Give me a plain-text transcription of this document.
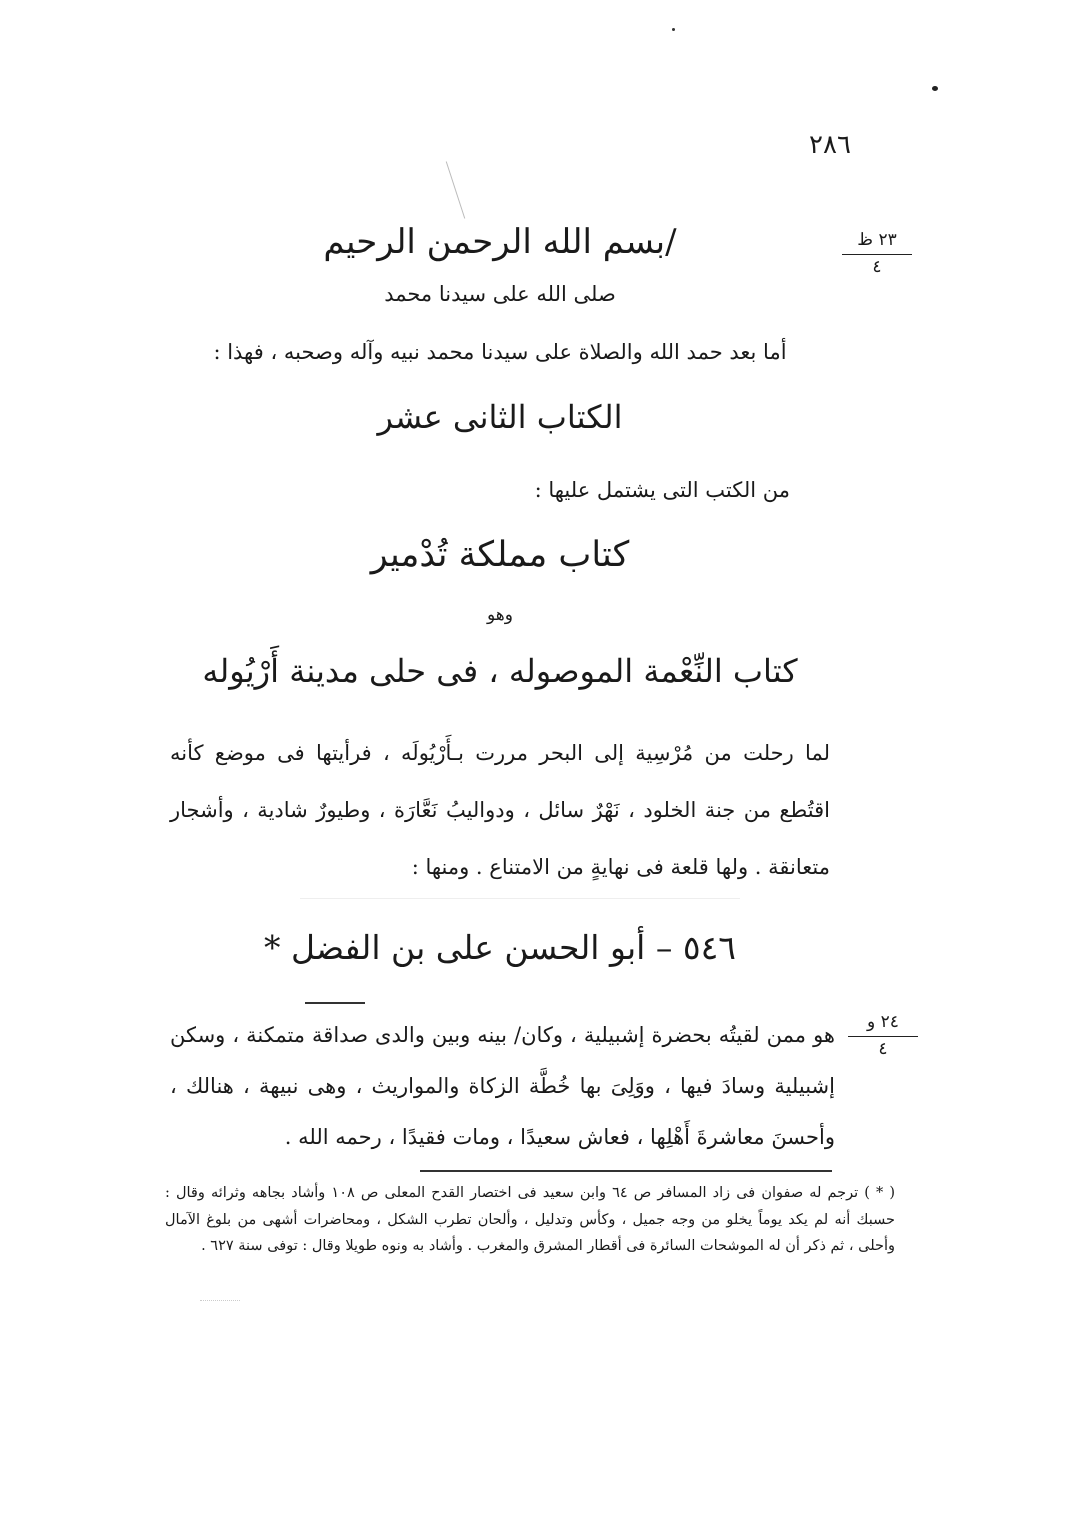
٢٨٦
٢٣ ظ
٤
/بسم الله الرحمن الرحيم
صلى الله على سيدنا محمد
أما بعد حمد الله والصلاة على سيدنا محمد نبيه وآله وصحبه ، فهذا :
الكتاب الثانى عشر
من الكتب التى يشتمل عليها :
كتاب مملكة تُدْمير
وهو
كتاب النِّعْمة الموصوله ، فى حلى مدينة أَرْيُوله
لما رحلت من مُرْسِية إلى البحر مررت بـأَرْيُولَه ، فرأيتها فى موضع كأنه اقتُطع من جنة الخلود ، نَهْرٌ سائل ، ودواليبُ نَعَّارَة ، وطيورٌ شادية ، وأشجار متعانقة . ولها قلعة فى نهايةٍ من الامتناع . ومنها :
٥٤٦ – أبو الحسن على بن الفضل *
٢٤ و
٤
هو ممن لقيتُه بحضرة إشبيلية ، وكان/ بينه وبين والدى صداقة متمكنة ، وسكن إشبيلية وسادَ فيها ، ووَلِىَ بها خُطَّة الزكاة والمواريث ، وهى نبيهة ، هنالك ، وأحسنَ معاشرةَ أَهْلِها ، فعاش سعيدًا ، ومات فقيدًا ، رحمه الله .
( * ) ترجم له صفوان فى زاد المسافر ص ٦٤ وابن سعيد فى اختصار القدح المعلى ص ١٠٨ وأشاد بجاهه وثرائه وقال : حسبك أنه لم يكد يوماً يخلو من وجه جميل ، وكأس وتدليل ، وألحان تطرب الشكل ، ومحاضرات أشهى من بلوغ الآمال وأحلى ، ثم ذكر أن له الموشحات السائرة فى أقطار المشرق والمغرب . وأشاد به ونوه طويلا وقال : توفى سنة ٦٢٧ .
